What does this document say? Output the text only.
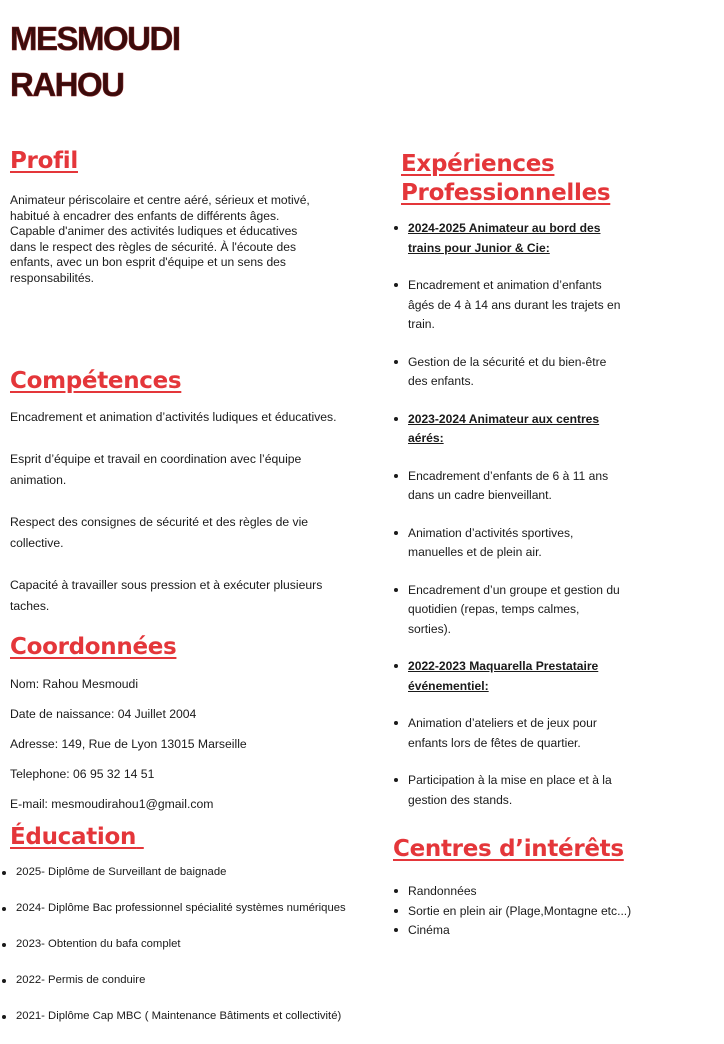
MESMOUDI
RAHOU
Profil

Animateur périscolaire et centre aéré, sérieux et motivé, habitué à encadrer des enfants de différents âges. Capable d'animer des activités ludiques et éducatives dans le respect des règles de sécurité. À l'écoute des enfants, avec un bon esprit d'équipe et un sens des responsabilités.

Compétences
Encadrement et animation d’activités ludiques et éducatives.
Esprit d’équipe et travail en coordination avec l’équipe animation.
Respect des consignes de sécurité et des règles de vie collective.
Capacité à travailler sous pression et à exécuter plusieurs taches.
Coordonnées
Nom: Rahou Mesmoudi
Date de naissance: 04 Juillet 2004
Adresse: 149, Rue de Lyon 13015 Marseille
Telephone: 06 95 32 14 51
E-mail: mesmoudirahou1@gmail.com
Éducation
2025- Diplôme de Surveillant de baignade
2024- Diplôme Bac professionnel spécialité systèmes numériques
2023- Obtention du bafa complet
2022- Permis de conduire
2021- Diplôme Cap MBC ( Maintenance Bâtiments et collectivité)
Expériences
Professionnelles
2024-2025 Animateur au bord des trains pour Junior & Cie:
Encadrement et animation d’enfants âgés de 4 à 14 ans durant les trajets en train.
Gestion de la sécurité et du bien-être des enfants.
2023-2024 Animateur aux centres aérés:
Encadrement d’enfants de 6 à 11 ans dans un cadre bienveillant.
Animation d’activités sportives, manuelles et de plein air.
Encadrement d’un groupe et gestion du quotidien (repas, temps calmes, sorties).
2022-2023 Maquarella Prestataire événementiel:
Animation d’ateliers et de jeux pour enfants lors de fêtes de quartier.
Participation à la mise en place et à la gestion des stands.
Centres d’intérêts
Randonnées
Sortie en plein air (Plage,Montagne etc...)
Cinéma
